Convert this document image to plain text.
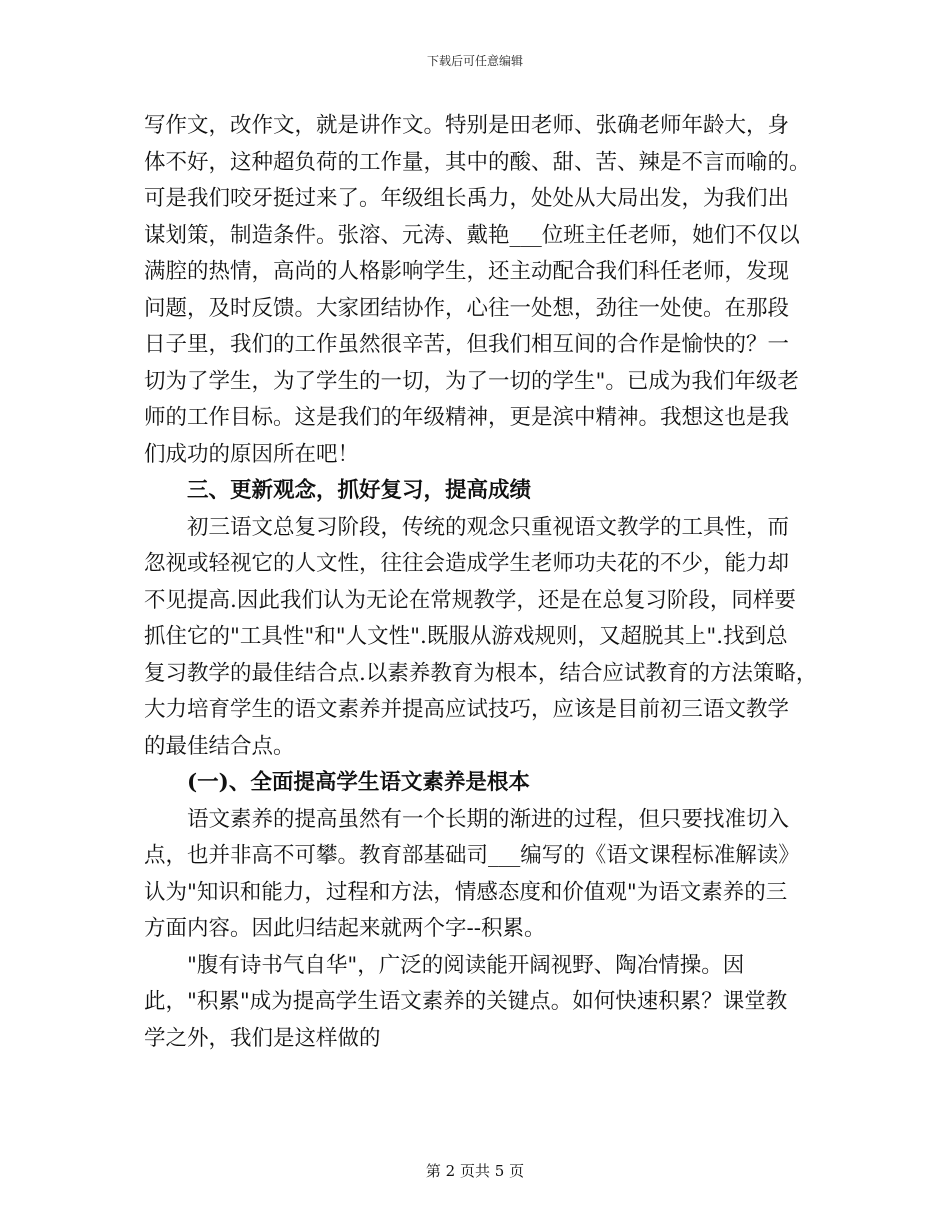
下载后可任意编辑
写作文，改作文，就是讲作文。特别是田老师、张确老师年龄大，身
体不好，这种超负荷的工作量，其中的酸、甜、苦、辣是不言而喻的。
可是我们咬牙挺过来了。年级组长禹力，处处从大局出发，为我们出
谋划策，制造条件。张溶、元涛、戴艳___位班主任老师，她们不仅以
满腔的热情，高尚的人格影响学生，还主动配合我们科任老师，发现
问题，及时反馈。大家团结协作，心往一处想，劲往一处使。在那段
日子里，我们的工作虽然很辛苦，但我们相互间的合作是愉快的？一
切为了学生，为了学生的一切，为了一切的学生"。已成为我们年级老
师的工作目标。这是我们的年级精神，更是滨中精神。我想这也是我
们成功的原因所在吧！
三、更新观念，抓好复习，提高成绩
初三语文总复习阶段，传统的观念只重视语文教学的工具性，而
忽视或轻视它的人文性，往往会造成学生老师功夫花的不少，能力却
不见提高.因此我们认为无论在常规教学，还是在总复习阶段，同样要
抓住它的"工具性"和"人文性".既服从游戏规则，又超脱其上".找到总
复习教学的最佳结合点.以素养教育为根本，结合应试教育的方法策略，
大力培育学生的语文素养并提高应试技巧，应该是目前初三语文教学
的最佳结合点。
(一)、全面提高学生语文素养是根本
语文素养的提高虽然有一个长期的渐进的过程，但只要找准切入
点，也并非高不可攀。教育部基础司___编写的《语文课程标准解读》
认为"知识和能力，过程和方法，情感态度和价值观"为语文素养的三
方面内容。因此归结起来就两个字--积累。
"腹有诗书气自华"，广泛的阅读能开阔视野、陶冶情操。因
此，"积累"成为提高学生语文素养的关键点。如何快速积累？课堂教
学之外，我们是这样做的
第 2 页共 5 页
